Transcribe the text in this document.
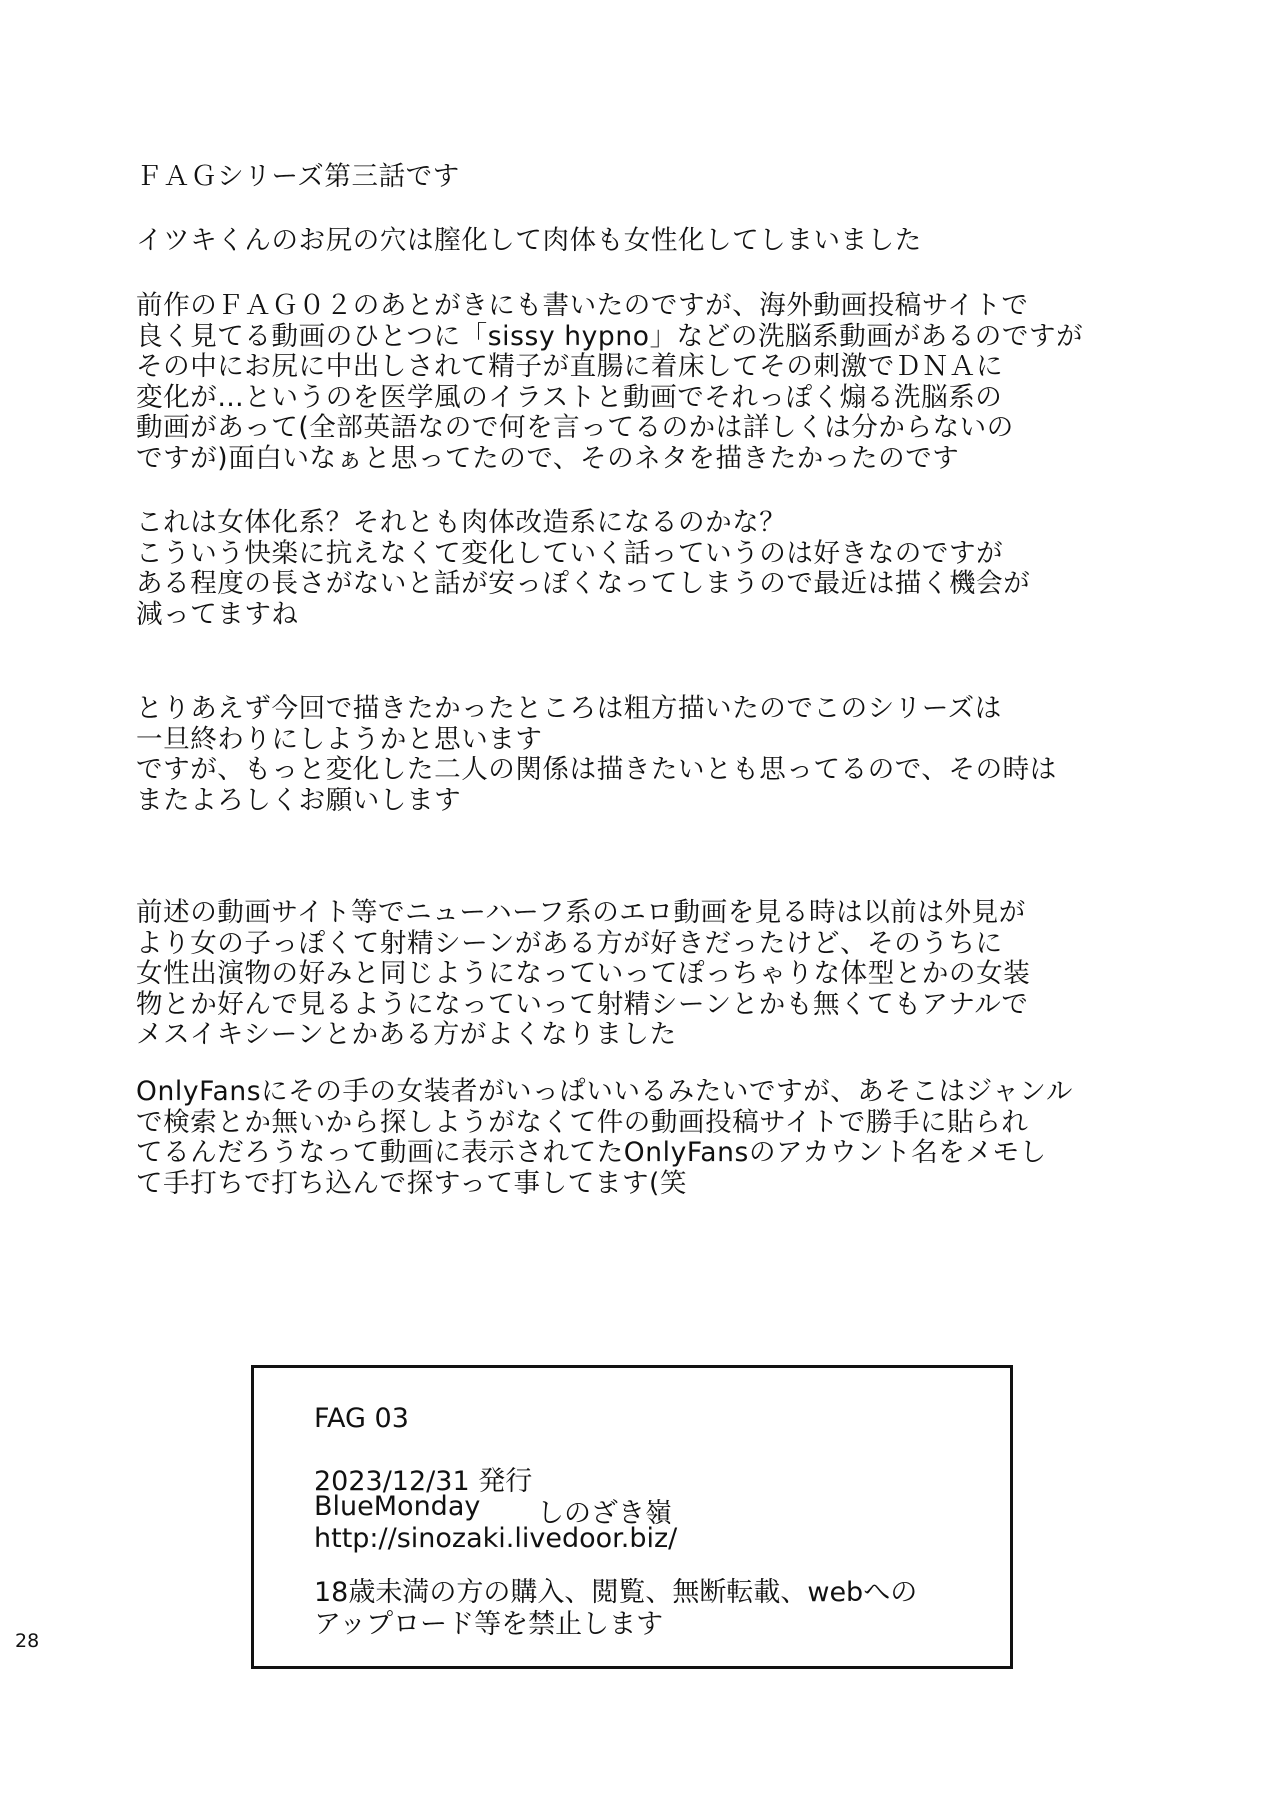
ＦＡＧシリーズ第三話です

イツキくんのお尻の穴は膣化して肉体も女性化してしまいました

前作のＦＡＧ０２のあとがきにも書いたのですが、海外動画投稿サイトで
良く見てる動画のひとつに「sissy hypno」などの洗脳系動画があるのですが
その中にお尻に中出しされて精子が直腸に着床してその刺激でＤＮＡに
変化が…というのを医学風のイラストと動画でそれっぽく煽る洗脳系の
動画があって(全部英語なので何を言ってるのかは詳しくは分からないの
ですが)面白いなぁと思ってたので、そのネタを描きたかったのです

これは女体化系？それとも肉体改造系になるのかな？
こういう快楽に抗えなくて変化していく話っていうのは好きなのですが
ある程度の長さがないと話が安っぽくなってしまうので最近は描く機会が
減ってますね

とりあえず今回で描きたかったところは粗方描いたのでこのシリーズは
一旦終わりにしようかと思います
ですが、もっと変化した二人の関係は描きたいとも思ってるので、その時は
またよろしくお願いします

前述の動画サイト等でニューハーフ系のエロ動画を見る時は以前は外見が
より女の子っぽくて射精シーンがある方が好きだったけど、そのうちに
女性出演物の好みと同じようになっていってぽっちゃりな体型とかの女装
物とか好んで見るようになっていって射精シーンとかも無くてもアナルで
メスイキシーンとかある方がよくなりました

OnlyFansにその手の女装者がいっぱいいるみたいですが、あそこはジャンル
で検索とか無いから探しようがなくて件の動画投稿サイトで勝手に貼られ
てるんだろうなって動画に表示されてたOnlyFansのアカウント名をメモし
て手打ちで打ち込んで探すって事してます(笑

FAG 03
2023/12/31 発行
BlueMonday しのざき嶺
http://sinozaki.livedoor.biz/
18歳未満の方の購入、閲覧、無断転載、webへの
アップロード等を禁止します
28
